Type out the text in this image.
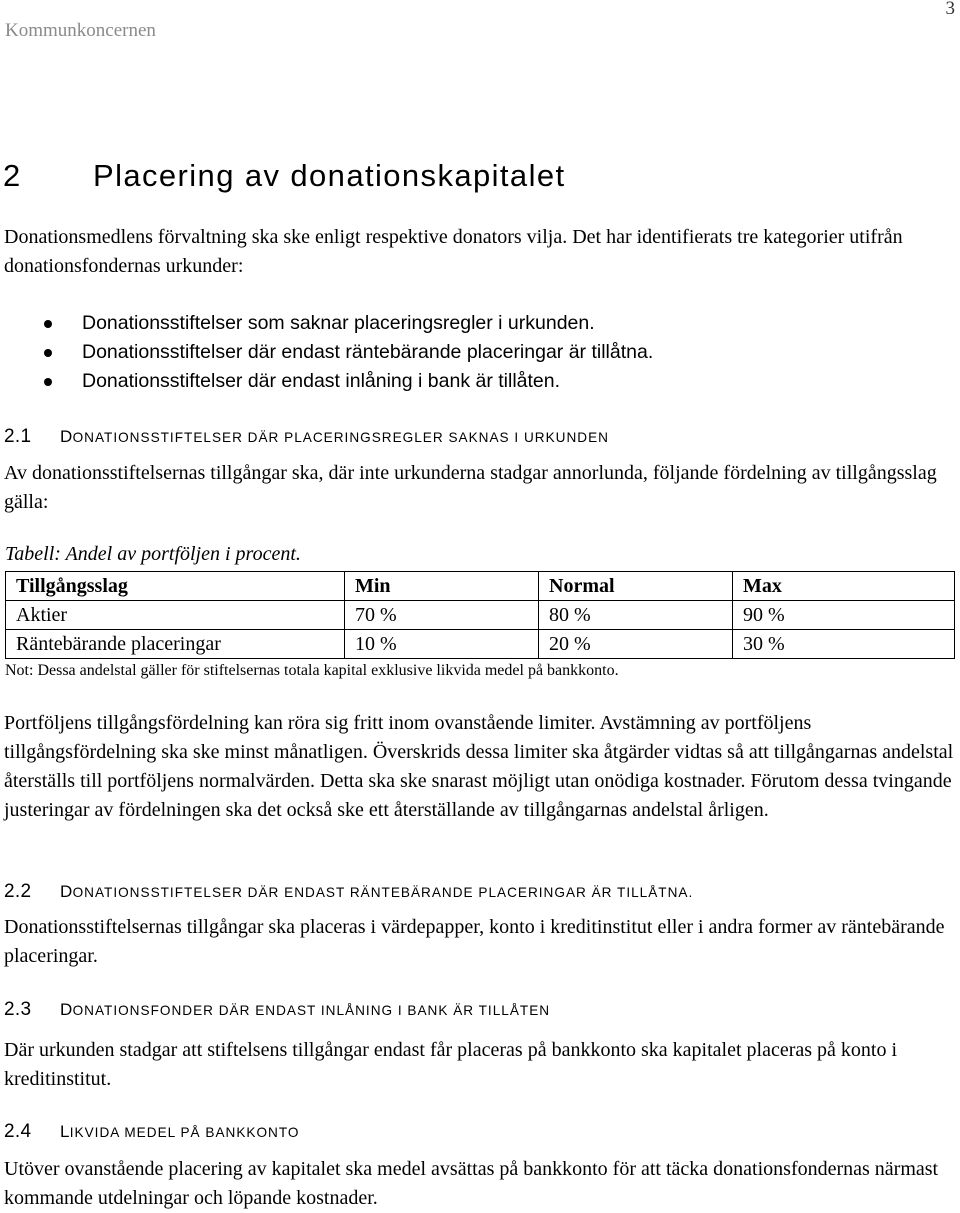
Kommunkoncernen
3
2 Placering av donationskapitalet

Donationsmedlens förvaltning ska ske enligt respektive donators vilja. Det har identifierats tre kategorier utifrån donationsfondernas urkunder:

Donationsstiftelser som saknar placeringsregler i urkunden.
Donationsstiftelser där endast räntebärande placeringar är tillåtna.
Donationsstiftelser där endast inlåning i bank är tillåten.
2.1 DONATIONSSTIFTELSER DÄR PLACERINGSREGLER SAKNAS I URKUNDEN

Av donationsstiftelsernas tillgångar ska, där inte urkunderna stadgar annorlunda, följande fördelning av tillgångsslag gälla:

Tabell: Andel av portföljen i procent.
Tillgångsslag	Min	Normal	Max
Aktier	70 %	80 %	90 %
Räntebärande placeringar	10 %	20 %	30 %
Not: Dessa andelstal gäller för stiftelsernas totala kapital exklusive likvida medel på bankkonto.

Portföljens tillgångsfördelning kan röra sig fritt inom ovanstående limiter. Avstämning av portföljens tillgångsfördelning ska ske minst månatligen. Överskrids dessa limiter ska åtgärder vidtas så att tillgångarnas andelstal återställs till portföljens normalvärden. Detta ska ske snarast möjligt utan onödiga kostnader. Förutom dessa tvingande justeringar av fördelningen ska det också ske ett återställande av tillgångarnas andelstal årligen.

2.2 DONATIONSSTIFTELSER DÄR ENDAST RÄNTEBÄRANDE PLACERINGAR ÄR TILLÅTNA.

Donationsstiftelsernas tillgångar ska placeras i värdepapper, konto i kreditinstitut eller i andra former av räntebärande placeringar.

2.3 DONATIONSFONDER DÄR ENDAST INLÅNING I BANK ÄR TILLÅTEN

Där urkunden stadgar att stiftelsens tillgångar endast får placeras på bankkonto ska kapitalet placeras på konto i kreditinstitut.

2.4 LIKVIDA MEDEL PÅ BANKKONTO

Utöver ovanstående placering av kapitalet ska medel avsättas på bankkonto för att täcka donationsfondernas närmast kommande utdelningar och löpande kostnader.
